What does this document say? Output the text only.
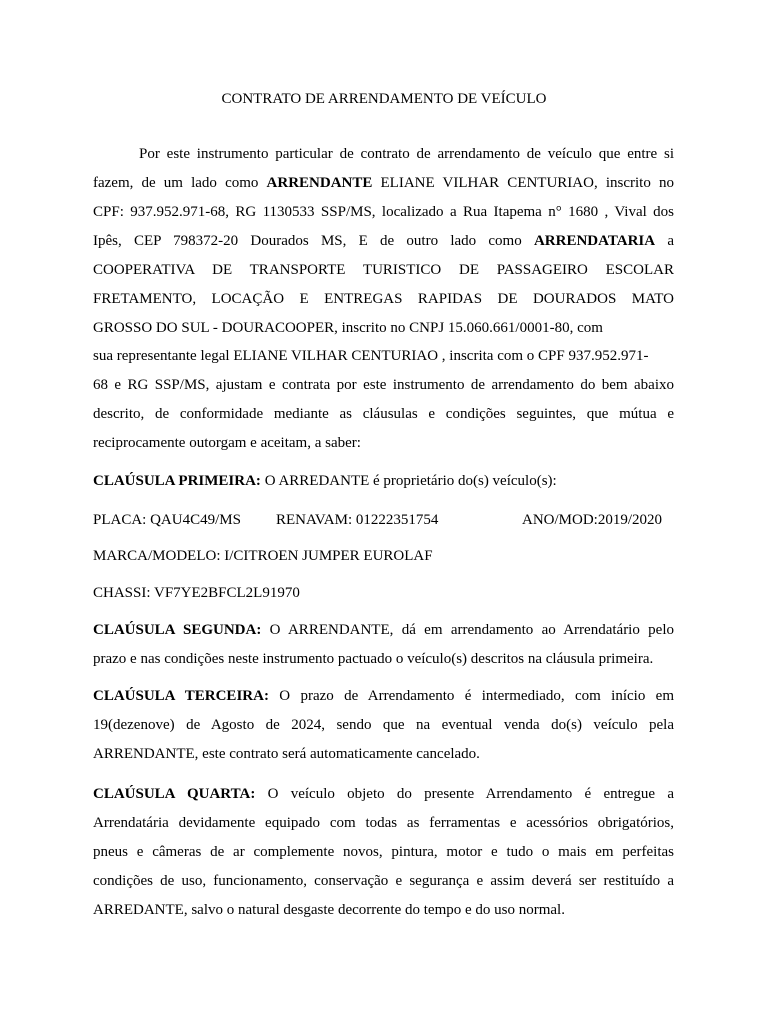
CONTRATO DE ARRENDAMENTO DE VEÍCULO
Por este instrumento particular de contrato de arrendamento de veículo que entre si
fazem, de um lado como ARRENDANTE ELIANE VILHAR CENTURIAO, inscrito no
CPF: 937.952.971-68, RG 1130533 SSP/MS, localizado a Rua Itapema n° 1680 , Vival dos
Ipês, CEP 798372-20 Dourados MS, E de outro lado como ARRENDATARIA a
COOPERATIVA DE TRANSPORTE TURISTICO DE PASSAGEIRO ESCOLAR
FRETAMENTO, LOCAÇÃO E ENTREGAS RAPIDAS DE DOURADOS MATO
GROSSO DO SUL - DOURACOOPER, inscrito no CNPJ 15.060.661/0001-80, com
sua representante legal ELIANE VILHAR CENTURIAO , inscrita com o CPF 937.952.971-
68 e RG SSP/MS, ajustam e contrata por este instrumento de arrendamento do bem abaixo
descrito, de conformidade mediante as cláusulas e condições seguintes, que mútua e
reciprocamente outorgam e aceitam, a saber:
CLAÚSULA PRIMEIRA: O ARREDANTE é proprietário do(s) veículo(s):
PLACA: QAU4C49/MS RENAVAM: 01222351754	ANO/MOD:2019/2020
MARCA/MODELO: I/CITROEN JUMPER EUROLAF
CHASSI: VF7YE2BFCL2L91970
CLAÚSULA SEGUNDA: O ARRENDANTE, dá em arrendamento ao Arrendatário pelo
prazo e nas condições neste instrumento pactuado o veículo(s) descritos na cláusula primeira.
CLAÚSULA TERCEIRA: O prazo de Arrendamento é intermediado, com início em
19(dezenove) de Agosto de 2024, sendo que na eventual venda do(s) veículo pela
ARRENDANTE, este contrato será automaticamente cancelado.
CLAÚSULA QUARTA: O veículo objeto do presente Arrendamento é entregue a
Arrendatária devidamente equipado com todas as ferramentas e acessórios obrigatórios,
pneus e câmeras de ar complemente novos, pintura, motor e tudo o mais em perfeitas
condições de uso, funcionamento, conservação e segurança e assim deverá ser restituído a
ARREDANTE, salvo o natural desgaste decorrente do tempo e do uso normal.
